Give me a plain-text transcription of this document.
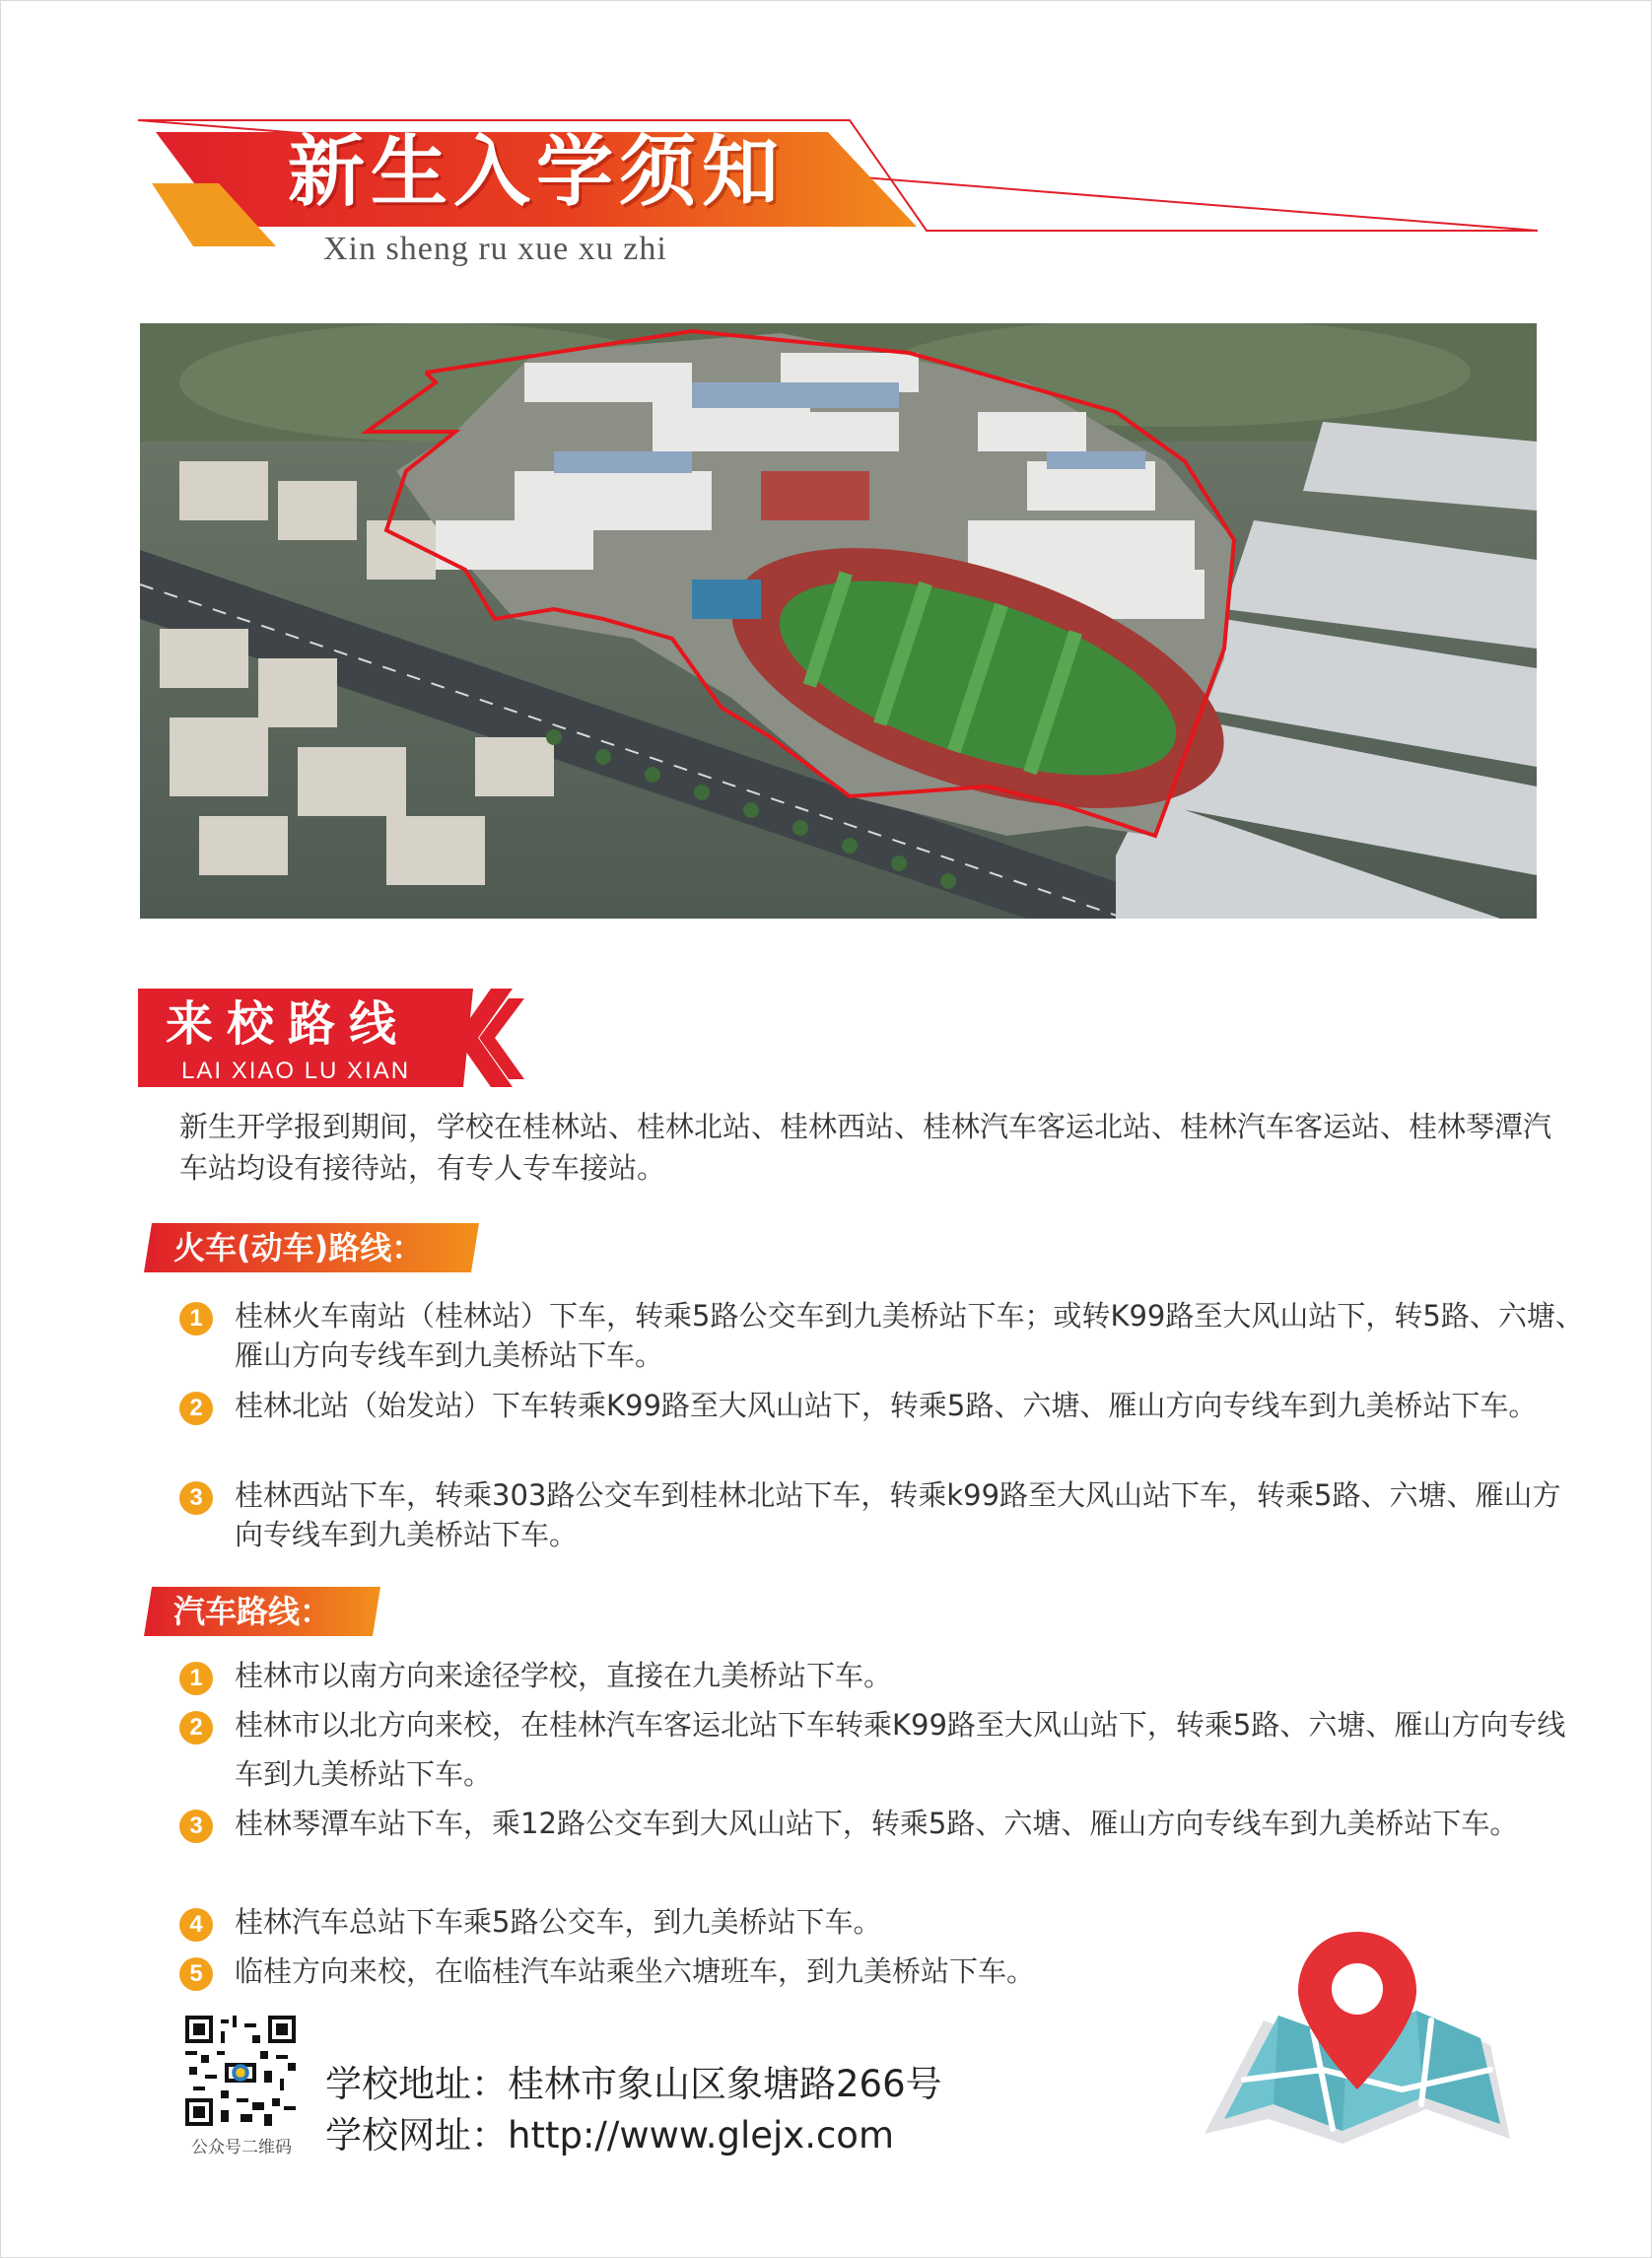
新生入学须知
Xin sheng ru xue xu zhi
来校路线
LAI XIAO LU XIAN
新生开学报到期间，学校在桂林站、桂林北站、桂林西站、桂林汽车客运北站、桂林汽车客运站、桂林琴潭汽车站均设有接待站，有专人专车接站。
火车(动车)路线：
1	桂林火车南站（桂林站）下车，转乘5路公交车到九美桥站下车；或转K99路至大风山站下，转5路、六塘、雁山方向专线车到九美桥站下车。
2	桂林北站（始发站）下车转乘K99路至大风山站下，转乘5路、六塘、雁山方向专线车到九美桥站下车。
3	桂林西站下车，转乘303路公交车到桂林北站下车，转乘k99路至大风山站下车，转乘5路、六塘、雁山方向专线车到九美桥站下车。
汽车路线：
1	桂林市以南方向来途径学校，直接在九美桥站下车。
2	桂林市以北方向来校，在桂林汽车客运北站下车转乘K99路至大风山站下，转乘5路、六塘、雁山方向专线车到九美桥站下车。
3	桂林琴潭车站下车，乘12路公交车到大风山站下，转乘5路、六塘、雁山方向专线车到九美桥站下车。
4	桂林汽车总站下车乘5路公交车，到九美桥站下车。
5	临桂方向来校，在临桂汽车站乘坐六塘班车，到九美桥站下车。
公众号二维码
学校地址：桂林市象山区象塘路266号
学校网址：http://www.glejx.com
